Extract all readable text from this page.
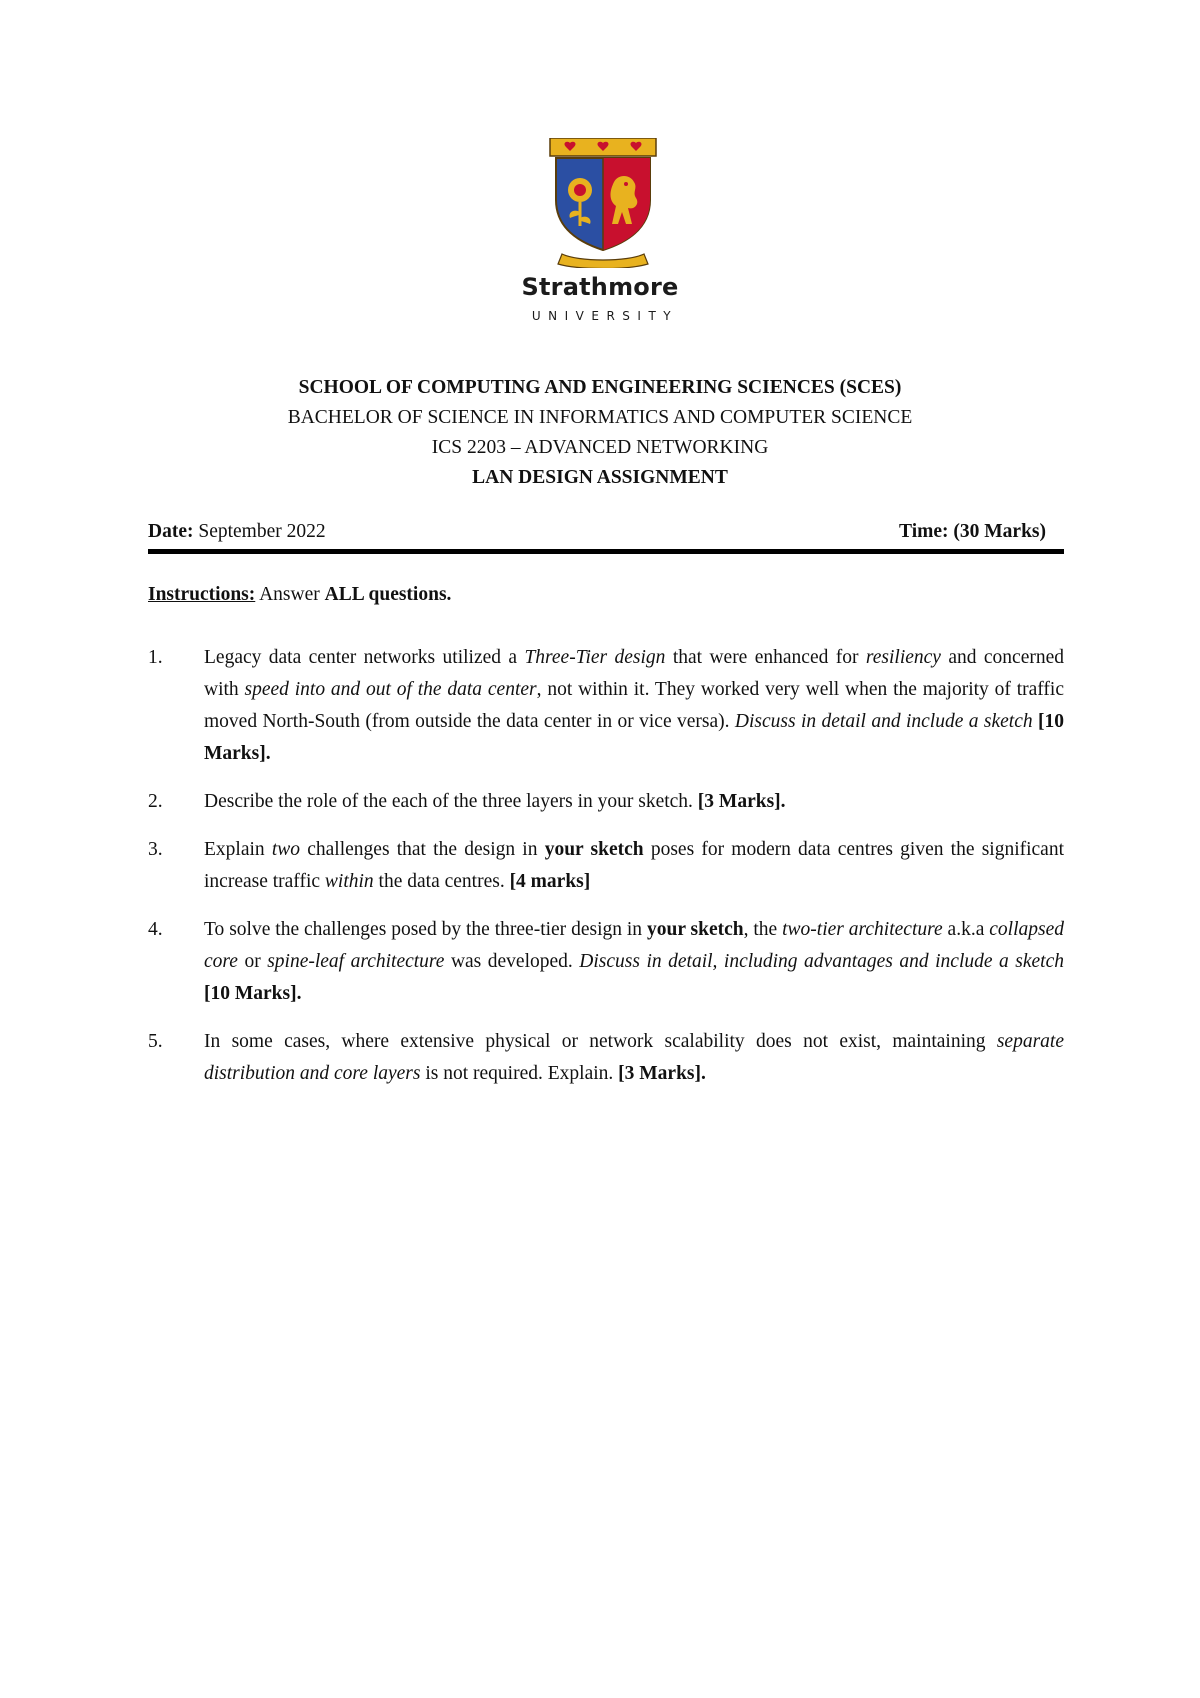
Strathmore
UNIVERSITY
SCHOOL OF COMPUTING AND ENGINEERING SCIENCES (SCES)
BACHELOR OF SCIENCE IN INFORMATICS AND COMPUTER SCIENCE
ICS 2203 – ADVANCED NETWORKING
LAN DESIGN ASSIGNMENT
Date: September 2022	Time: (30 Marks)
Instructions: Answer ALL questions.
1. Legacy data center networks utilized a Three-Tier design that were enhanced for resiliency and concerned with speed into and out of the data center, not within it. They worked very well when the majority of traffic moved North-South (from outside the data center in or vice versa). Discuss in detail and include a sketch [10 Marks].
2. Describe the role of the each of the three layers in your sketch. [3 Marks].
3. Explain two challenges that the design in your sketch poses for modern data centres given the significant increase traffic within the data centres. [4 marks]
4. To solve the challenges posed by the three-tier design in your sketch, the two-tier architecture a.k.a collapsed core or spine-leaf architecture was developed. Discuss in detail, including advantages and include a sketch [10 Marks].
5. In some cases, where extensive physical or network scalability does not exist, maintaining separate distribution and core layers is not required. Explain. [3 Marks].
